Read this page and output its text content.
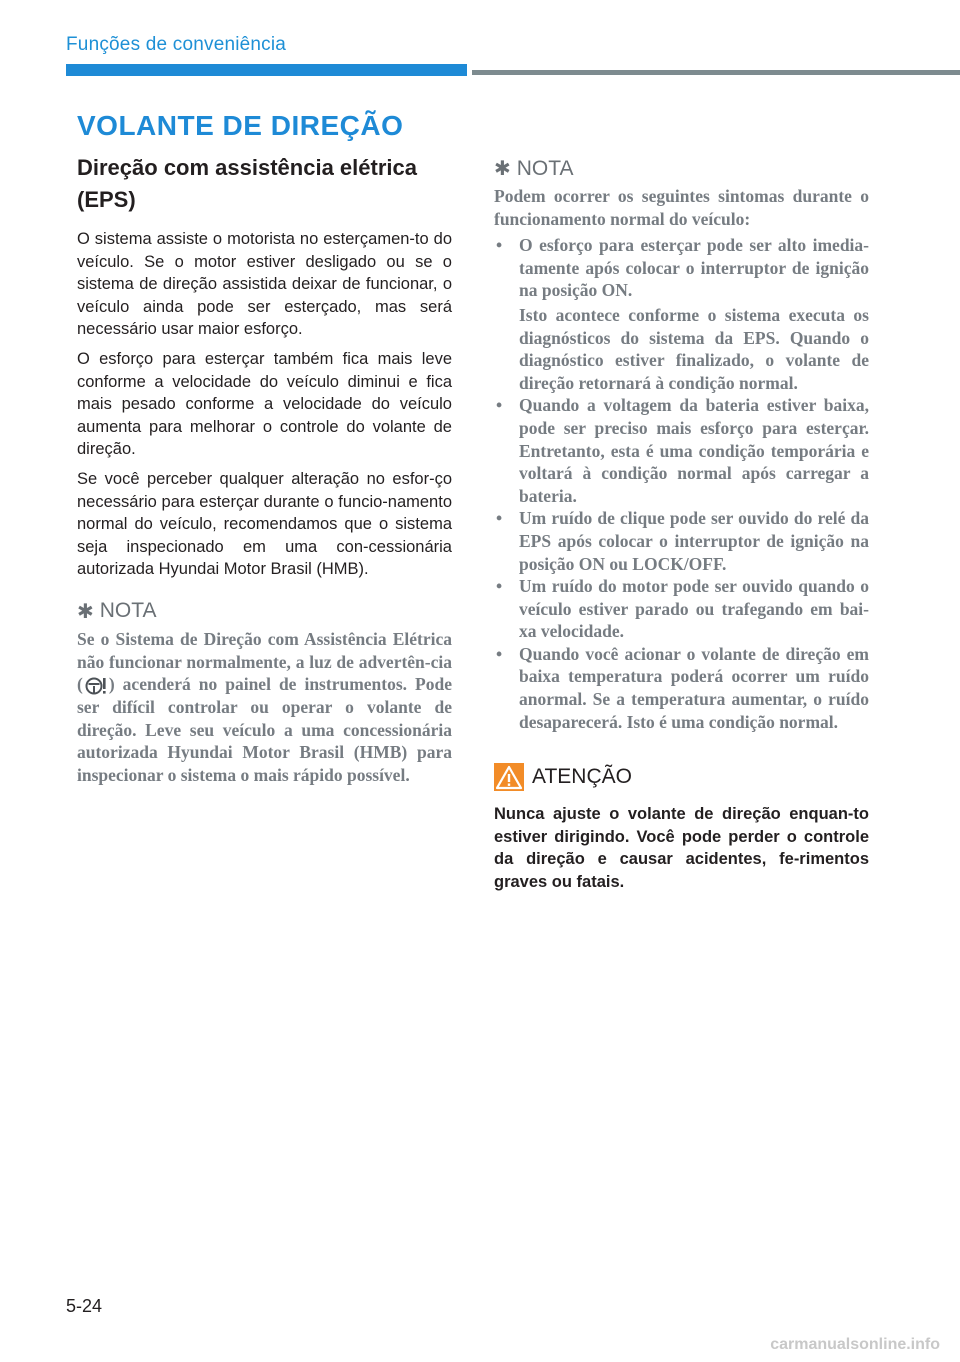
Funções de conveniência
VOLANTE DE DIREÇÃO
Direção com assistência elétrica (EPS)

O sistema assiste o motorista no esterçamen-to do veículo. Se o motor estiver desligado ou se o sistema de direção assistida deixar de funcionar, o veículo ainda pode ser esterçado, mas será necessário usar maior esforço.

O esforço para esterçar também fica mais leve conforme a velocidade do veículo diminui e fica mais pesado conforme a velocidade do veículo aumenta para melhorar o controle do volante de direção.

Se você perceber qualquer alteração no esfor-ço necessário para esterçar durante o funcio-namento normal do veículo, recomendamos que o sistema seja inspecionado em uma con-cessionária autorizada Hyundai Motor Brasil (HMB).

✱ NOTA

Se o Sistema de Direção com Assistência Elétrica não funcionar normalmente, a luz de advertên-cia ( ) acenderá no painel de instrumentos. Pode ser difícil controlar ou operar o volante de direção. Leve seu veículo a uma concessionária autorizada Hyundai Motor Brasil (HMB) para inspecionar o sistema o mais rápido possível.

✱ NOTA

Podem ocorrer os seguintes sintomas durante o funcionamento normal do veículo:

• O esforço para esterçar pode ser alto imedia-tamente após colocar o interruptor de ignição na posição ON.
Isto acontece conforme o sistema executa os diagnósticos do sistema da EPS. Quando o diagnóstico estiver finalizado, o volante de direção retornará à condição normal.
• Quando a voltagem da bateria estiver baixa, pode ser preciso mais esforço para esterçar. Entretanto, esta é uma condição temporária e voltará à condição normal após carregar a bateria.
• Um ruído de clique pode ser ouvido do relé da EPS após colocar o interruptor de ignição na posição ON ou LOCK/OFF.
• Um ruído do motor pode ser ouvido quando o veículo estiver parado ou trafegando em bai-xa velocidade.
• Quando você acionar o volante de direção em baixa temperatura poderá ocorrer um ruído anormal. Se a temperatura aumentar, o ruído desaparecerá. Isto é uma condição normal.
ATENÇÃO

Nunca ajuste o volante de direção enquan-to estiver dirigindo. Você pode perder o controle da direção e causar acidentes, fe-rimentos graves ou fatais.

5-24
carmanualsonline.info
